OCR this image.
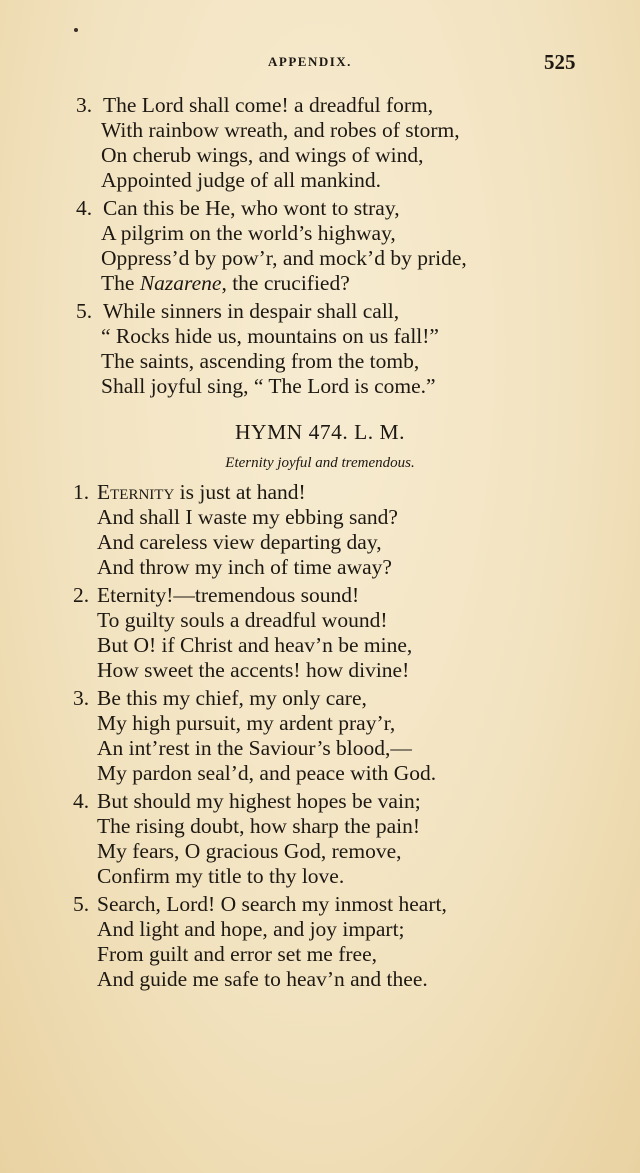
APPENDIX.	525
3. The Lord shall come! a dreadful form,
With rainbow wreath, and robes of storm,
On cherub wings, and wings of wind,
Appointed judge of all mankind.
4. Can this be He, who wont to stray,
A pilgrim on the world’s highway,
Oppress’d by pow’r, and mock’d by pride,
The Nazarene, the crucified?
5. While sinners in despair shall call,
“ Rocks hide us, mountains on us fall!”
The saints, ascending from the tomb,
Shall joyful sing, “ The Lord is come.”
HYMN 474. L. M.
Eternity joyful and tremendous.
1. Eternity is just at hand!
And shall I waste my ebbing sand?
And careless view departing day,
And throw my inch of time away?
2. Eternity!—tremendous sound!
To guilty souls a dreadful wound!
But O! if Christ and heav’n be mine,
How sweet the accents! how divine!
3. Be this my chief, my only care,
My high pursuit, my ardent pray’r,
An int’rest in the Saviour’s blood,—
My pardon seal’d, and peace with God.
4. But should my highest hopes be vain;
The rising doubt, how sharp the pain!
My fears, O gracious God, remove,
Confirm my title to thy love.
5. Search, Lord! O search my inmost heart,
And light and hope, and joy impart;
From guilt and error set me free,
And guide me safe to heav’n and thee.
